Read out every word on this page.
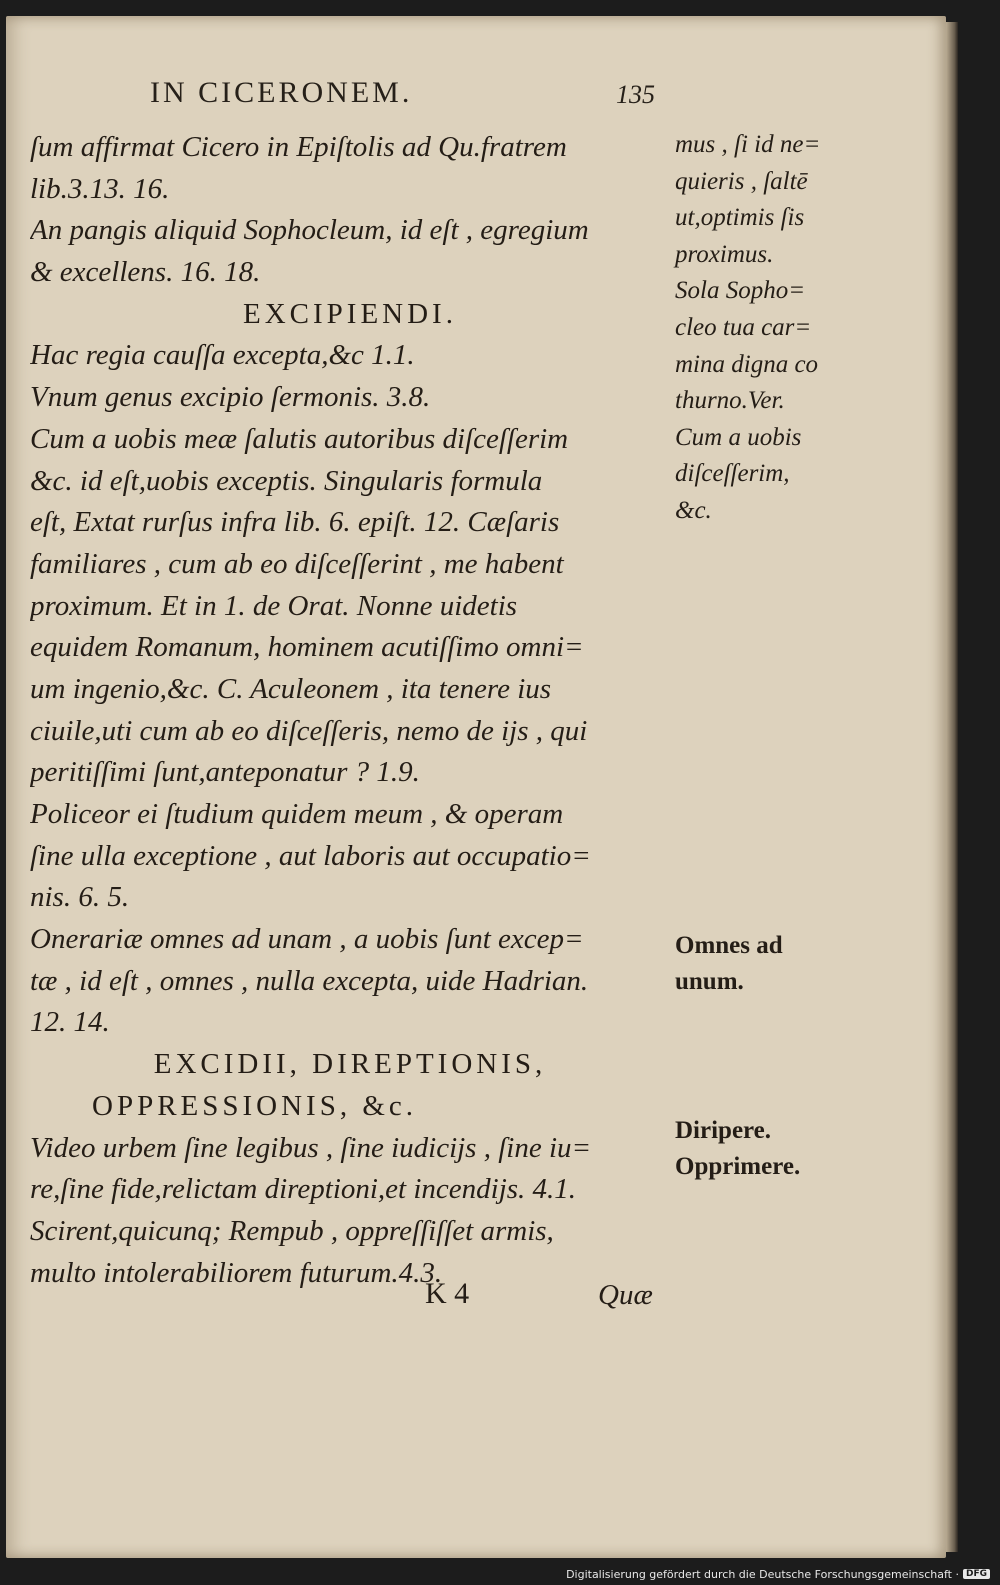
IN CICERONEM.	135
ſum affirmat Cicero in Epiſtolis ad Qu.fratrem
lib.3.13. 16.
An pangis aliquid Sophocleum, id eſt , egregium
& excellens. 16. 18.
EXCIPIENDI.
Hac regia cauſſa excepta,&c 1.1.
Vnum genus excipio ſermonis. 3.8.
Cum a uobis meæ ſalutis autoribus diſceſſerim
&c. id eſt,uobis exceptis. Singularis formula
eſt, Extat rurſus infra lib. 6. epiſt. 12. Cæſaris
familiares , cum ab eo diſceſſerint , me habent
proximum. Et in 1. de Orat. Nonne uidetis
equidem Romanum, hominem acutiſſimo omni=
um ingenio,&c. C. Aculeonem , ita tenere ius
ciuile,uti cum ab eo diſceſſeris, nemo de ijs , qui
peritiſſimi ſunt,anteponatur ? 1.9.
Policeor ei ſtudium quidem meum , & operam
ſine ulla exceptione , aut laboris aut occupatio=
nis. 6. 5.
Onerariæ omnes ad unam , a uobis ſunt excep=
tæ , id eſt , omnes , nulla excepta, uide Hadrian.
12. 14.
EXCIDII, DIREPTIONIS,
OPPRESSIONIS, &c.
Video urbem ſine legibus , ſine iudicijs , ſine iu=
re,ſine fide,relictam direptioni,et incendijs. 4.1.
Scirent,quicunq; Rempub , oppreſſiſſet armis,
multo intolerabiliorem futurum.4.3.
mus , ſi id ne=
quieris , ſaltē
ut,optimis ſis
proximus.
Sola Sopho=
cleo tua car=
mina digna co
thurno.Ver.
Cum a uobis
diſceſſerim,
&c.
Omnes ad
unum.
Diripere.
Opprimere.
K 4	Quæ
Digitalisierung gefördert durch die Deutsche Forschungsgemeinschaft · DFG
